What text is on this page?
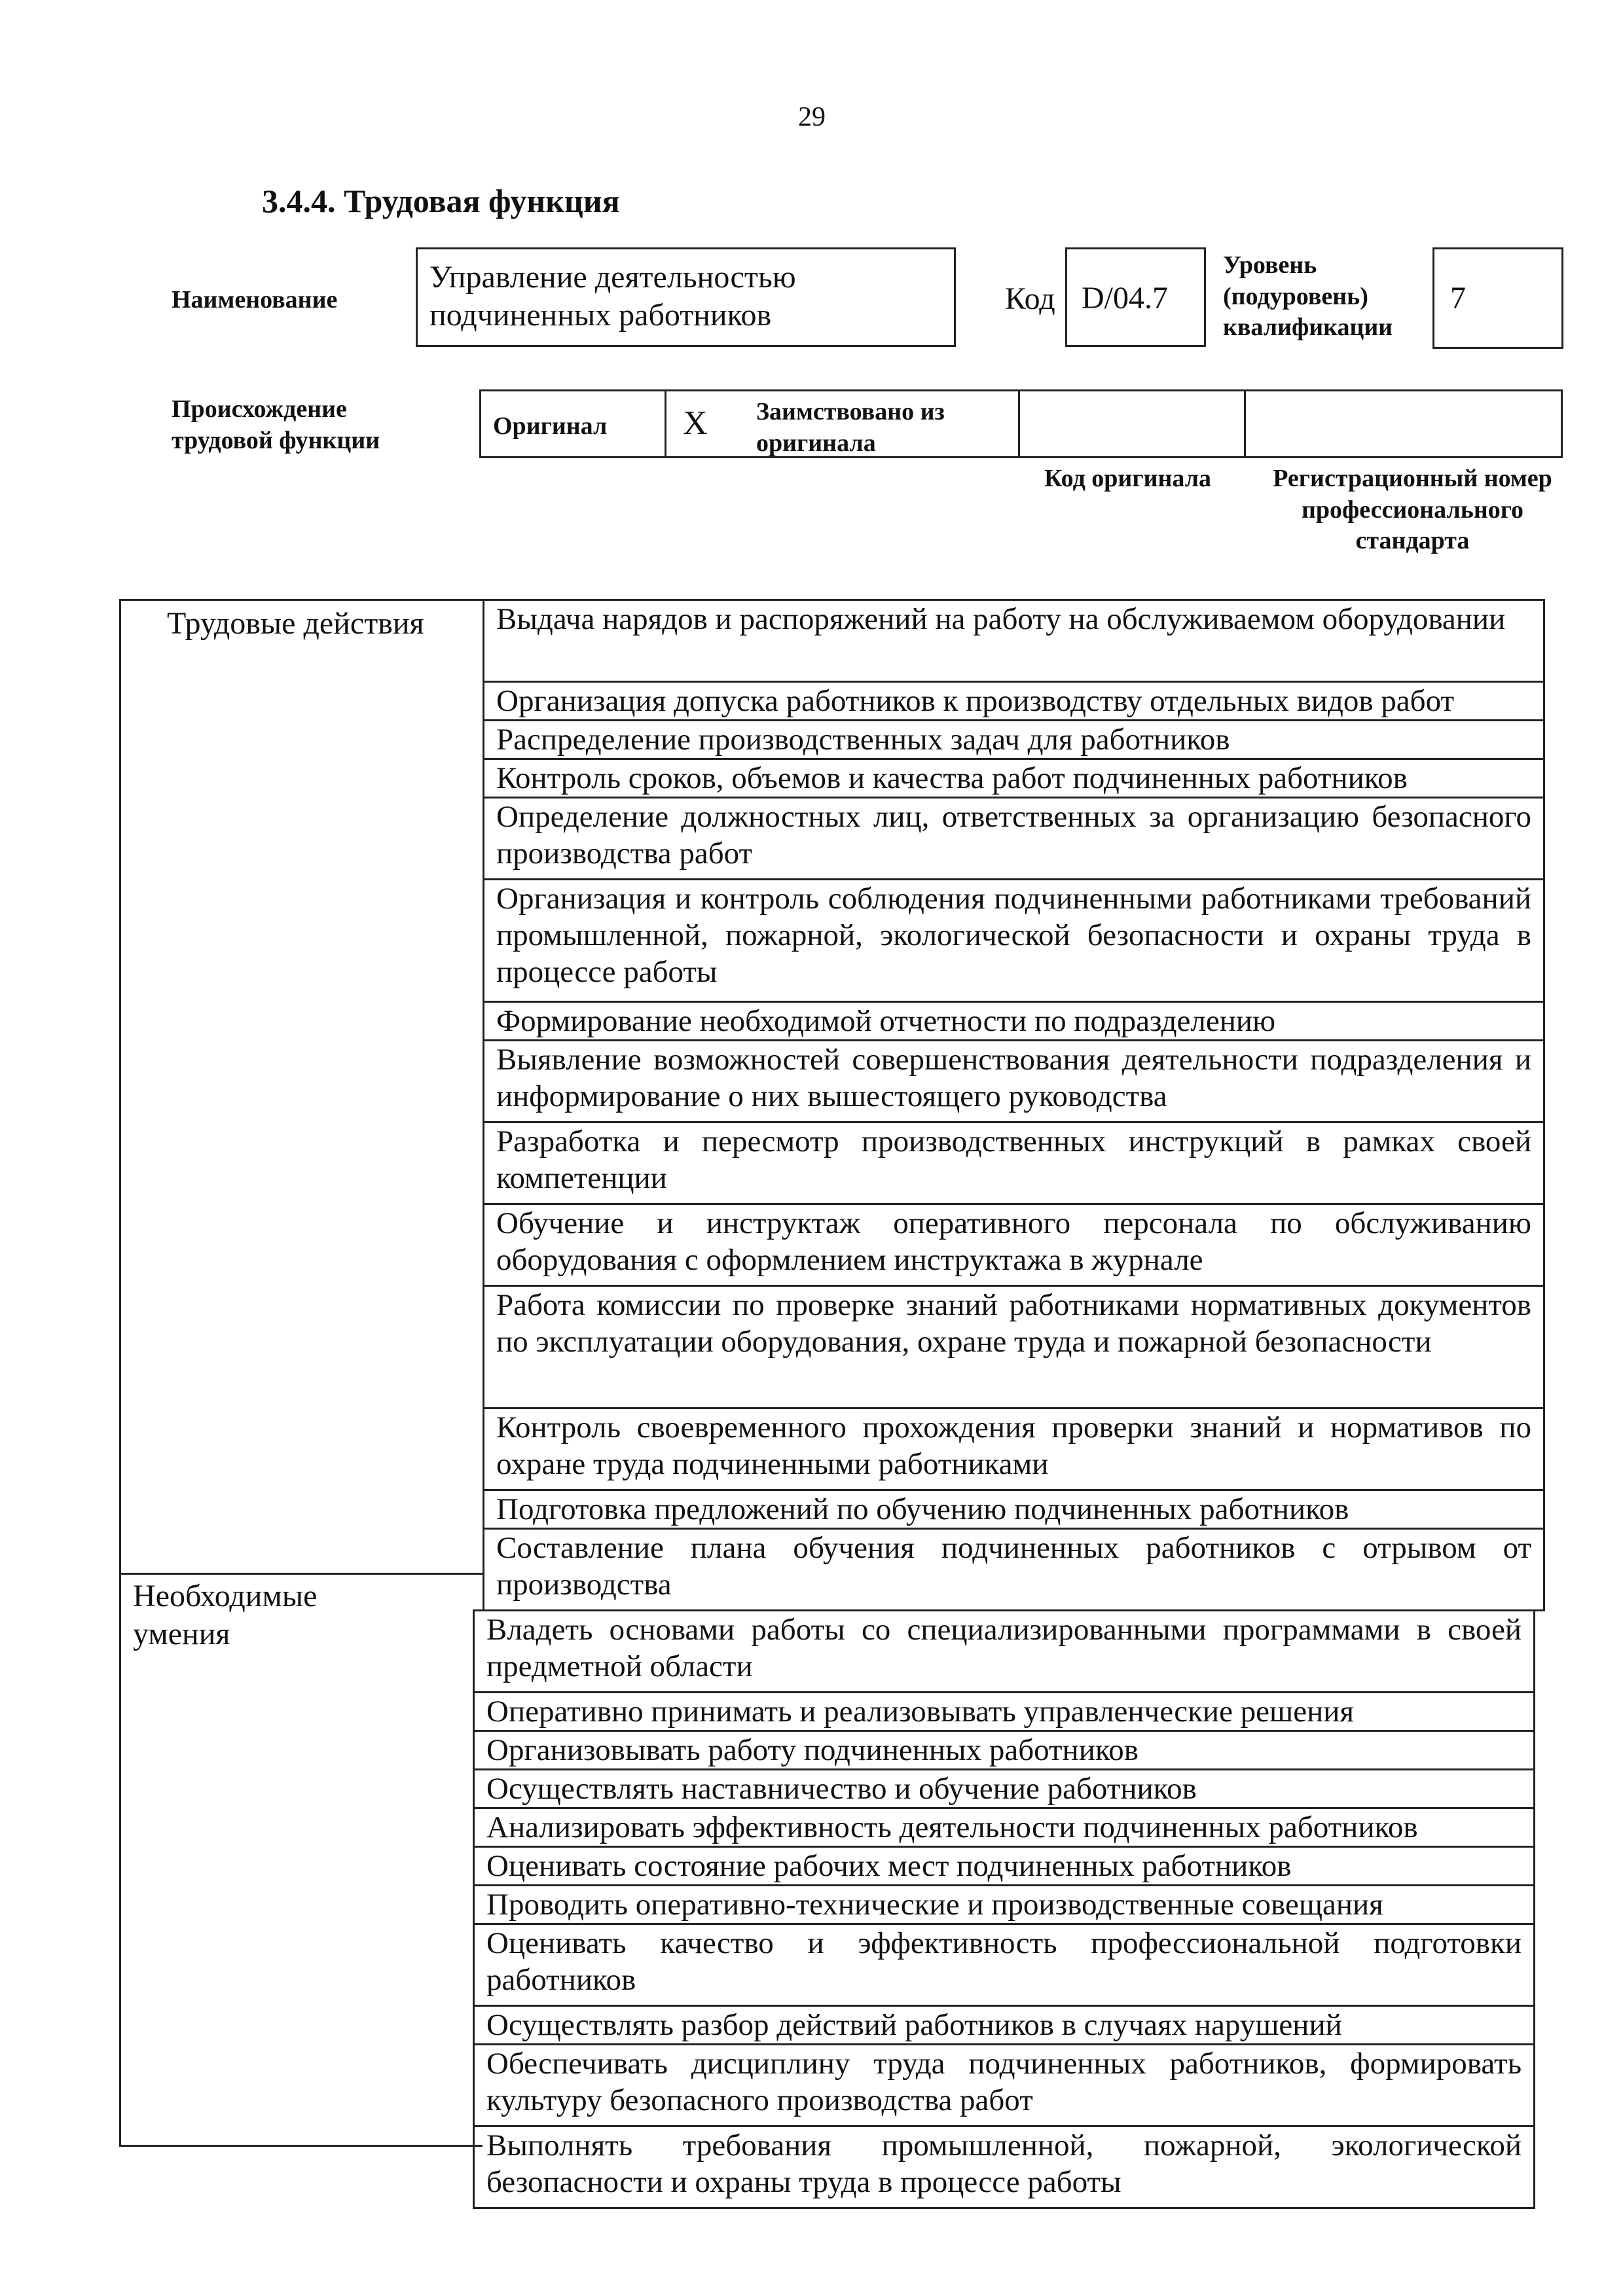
29
3.4.4. Трудовая функция
Наименование
Управление деятельностью подчиненных работников	Код D/04.7
Уровень (подуровень) квалификации
7
Происхождение трудовой функции
Оригинал X Заимствовано из оригинала
Код оригинала	Регистрационный номер профессионального стандарта
Трудовые действия
Необходимые умения
Выдача нарядов и распоряжений на работу на обслуживаемом оборудовании
Организация допуска работников к производству отдельных видов работ
Распределение производственных задач для работников
Контроль сроков, объемов и качества работ подчиненных работников
Определение должностных лиц, ответственных за организацию безопасного производства работ
Организация и контроль соблюдения подчиненными работниками требований промышленной, пожарной, экологической безопасности и охраны труда в процессе работы
Формирование необходимой отчетности по подразделению
Выявление возможностей совершенствования деятельности подразделения и информирование о них вышестоящего руководства
Разработка и пересмотр производственных инструкций в рамках своей компетенции
Обучение и инструктаж оперативного персонала по обслуживанию оборудования с оформлением инструктажа в журнале
Работа комиссии по проверке знаний работниками нормативных документов по эксплуатации оборудования, охране труда и пожарной безопасности
Контроль своевременного прохождения проверки знаний и нормативов по охране труда подчиненными работниками
Подготовка предложений по обучению подчиненных работников
Составление плана обучения подчиненных работников с отрывом от производства
Владеть основами работы со специализированными программами в своей предметной области
Оперативно принимать и реализовывать управленческие решения
Организовывать работу подчиненных работников
Осуществлять наставничество и обучение работников
Анализировать эффективность деятельности подчиненных работников
Оценивать состояние рабочих мест подчиненных работников
Проводить оперативно-технические и производственные совещания
Оценивать качество и эффективность профессиональной подготовки работников
Осуществлять разбор действий работников в случаях нарушений
Обеспечивать дисциплину труда подчиненных работников, формировать культуру безопасного производства работ
Выполнять требования промышленной, пожарной, экологической безопасности и охраны труда в процессе работы
